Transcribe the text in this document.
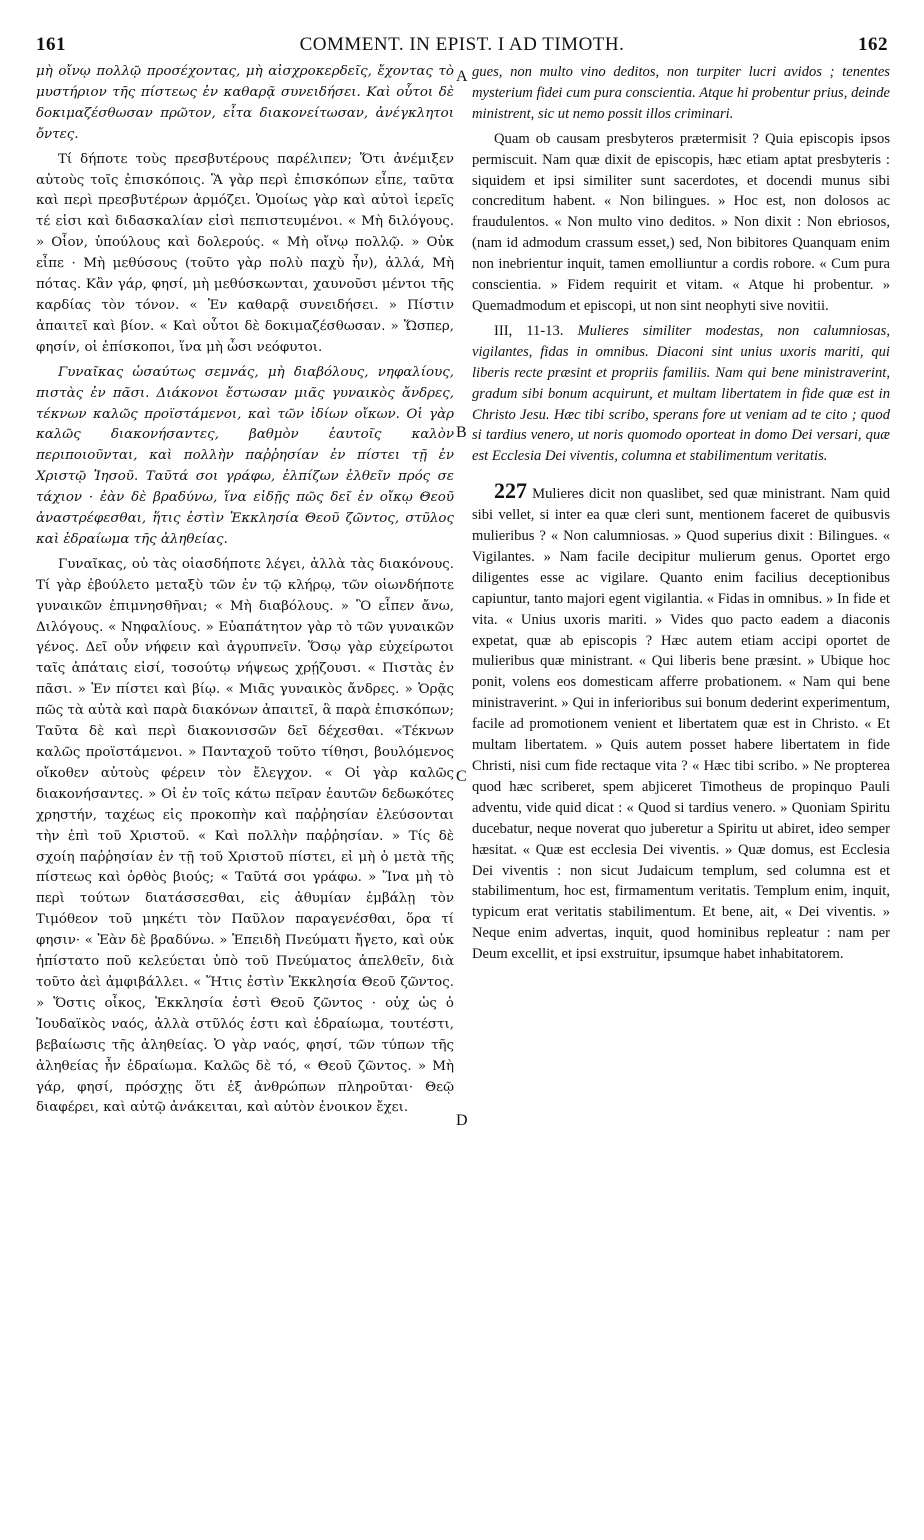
161	COMMENT. IN EPIST. I AD TIMOTH.	162

μὴ οἴνῳ πολλῷ προσέχοντας, μὴ αἰσχροκερδεῖς, ἔχοντας τὸ μυστήριον τῆς πίστεως ἐν καθαρᾷ συνειδήσει. Καὶ οὗτοι δὲ δοκιμαζέσθωσαν πρῶτον, εἶτα διακονείτωσαν, ἀνέγκλητοι ὄντες.

Τί δήποτε τοὺς πρεσβυτέρους παρέλιπεν; Ὅτι ἀνέμιξεν αὐτοὺς τοῖς ἐπισκόποις. Ἃ γὰρ περὶ ἐπισκόπων εἶπε, ταῦτα καὶ περὶ πρεσβυτέρων ἁρμόζει. Ὁμοίως γὰρ καὶ αὐτοὶ ἱερεῖς τέ εἰσι καὶ διδασκαλίαν εἰσὶ πεπιστευμένοι. « Μὴ διλόγους. » Οἷον, ὑπούλους καὶ δολερούς. « Μὴ οἴνῳ πολλῷ. » Οὐκ εἶπε · Μὴ μεθύσους (τοῦτο γὰρ πολὺ παχὺ ἦν), ἀλλά, Μὴ πότας. Κἂν γάρ, φησί, μὴ μεθύσκωνται, χαυνοῦσι μέντοι τῆς καρδίας τὸν τόνον. « Ἐν καθαρᾷ συνειδήσει. » Πίστιν ἀπαιτεῖ καὶ βίον. « Καὶ οὗτοι δὲ δοκιμαζέσθωσαν. » Ὥσπερ, φησίν, οἱ ἐπίσκοποι, ἵνα μὴ ὦσι νεόφυτοι.

Γυναῖκας ὡσαύτως σεμνάς, μὴ διαβόλους, νηφαλίους, πιστὰς ἐν πᾶσι. Διάκονοι ἔστωσαν μιᾶς γυναικὸς ἄνδρες, τέκνων καλῶς προϊστάμενοι, καὶ τῶν ἰδίων οἴκων. Οἱ γὰρ καλῶς διακονήσαντες, βαθμὸν ἑαυτοῖς καλὸν περιποιοῦνται, καὶ πολλὴν παῤῥησίαν ἐν πίστει τῇ ἐν Χριστῷ Ἰησοῦ. Ταῦτά σοι γράφω, ἐλπίζων ἐλθεῖν πρός σε τάχιον · ἐὰν δὲ βραδύνω, ἵνα εἰδῇς πῶς δεῖ ἐν οἴκῳ Θεοῦ ἀναστρέφεσθαι, ἥτις ἐστὶν Ἐκκλησία Θεοῦ ζῶντος, στῦλος καὶ ἑδραίωμα τῆς ἀληθείας.

Γυναῖκας, οὐ τὰς οἱασδήποτε λέγει, ἀλλὰ τὰς διακόνους. Τί γὰρ ἐβούλετο μεταξὺ τῶν ἐν τῷ κλήρῳ, τῶν οἱωνδήποτε γυναικῶν ἐπιμνησθῆναι; « Μὴ διαβόλους. » Ὃ εἶπεν ἄνω, Διλόγους. « Νηφαλίους. » Εὐαπάτητον γὰρ τὸ τῶν γυναικῶν γένος. Δεῖ οὖν νήφειν καὶ ἀγρυπνεῖν. Ὅσῳ γὰρ εὐχείρωτοι ταῖς ἀπάταις εἰσί, τοσούτῳ νήψεως χρῄζουσι. « Πιστὰς ἐν πᾶσι. » Ἐν πίστει καὶ βίῳ. « Μιᾶς γυναικὸς ἄνδρες. » Ὁρᾷς πῶς τὰ αὐτὰ καὶ παρὰ διακόνων ἀπαιτεῖ, ἃ παρὰ ἐπισκόπων; Ταῦτα δὲ καὶ περὶ διακονισσῶν δεῖ δέχεσθαι. «Τέκνων καλῶς προϊστάμενοι. » Πανταχοῦ τοῦτο τίθησι, βουλόμενος οἴκοθεν αὐτοὺς φέρειν τὸν ἔλεγχον. « Οἱ γὰρ καλῶς διακονήσαντες. » Οἱ ἐν τοῖς κάτω πεῖραν ἑαυτῶν δεδωκότες χρηστήν, ταχέως εἰς προκοπὴν καὶ παῤῥησίαν ἐλεύσονται τὴν ἐπὶ τοῦ Χριστοῦ. « Καὶ πολλὴν παῤῥησίαν. » Τίς δὲ σχοίη παῤῥησίαν ἐν τῇ τοῦ Χριστοῦ πίστει, εἰ μὴ ὁ μετὰ τῆς πίστεως καὶ ὀρθὸς βιούς; « Ταῦτά σοι γράφω. » Ἵνα μὴ τὸ περὶ τούτων διατάσσεσθαι, εἰς ἀθυμίαν ἐμβάλῃ τὸν Τιμόθεον τοῦ μηκέτι τὸν Παῦλον παραγενέσθαι, ὅρα τί φησιν· « Ἐὰν δὲ βραδύνω. » Ἐπειδὴ Πνεύματι ἤγετο, καὶ οὐκ ἠπίστατο ποῦ κελεύεται ὑπὸ τοῦ Πνεύματος ἀπελθεῖν, διὰ τοῦτο ἀεὶ ἀμφιβάλλει. « Ἥτις ἐστὶν Ἐκκλησία Θεοῦ ζῶντος. » Ὅστις οἶκος, Ἐκκλησία ἐστὶ Θεοῦ ζῶντος · οὐχ ὡς ὁ Ἰουδαϊκὸς ναός, ἀλλὰ στῦλός ἐστι καὶ ἑδραίωμα, τουτέστι, βεβαίωσις τῆς ἀληθείας. Ὁ γὰρ ναός, φησί, τῶν τύπων τῆς ἀληθείας ἦν ἑδραίωμα. Καλῶς δὲ τό, « Θεοῦ ζῶντος. » Μὴ γάρ, φησί, πρόσχῃς ὅτι ἐξ ἀνθρώπων πληροῦται· Θεῷ διαφέρει, καὶ αὐτῷ ἀνάκειται, καὶ αὐτὸν ἐνοικον ἔχει.

gues, non multo vino deditos, non turpiter lucri avidos ; tenentes mysterium fidei cum pura conscientia. Atque hi probentur prius, deinde ministrent, sic ut nemo possit illos criminari.

Quam ob causam presbyteros prætermisit ? Quia episcopis ipsos permiscuit. Nam quæ dixit de episcopis, hæc etiam aptat presbyteris : siquidem et ipsi similiter sunt sacerdotes, et docendi munus sibi concreditum habent. « Non bilingues. » Hoc est, non dolosos ac fraudulentos. « Non multo vino deditos. » Non dixit : Non ebriosos, (nam id admodum crassum esset,) sed, Non bibitores Quanquam enim non inebrientur inquit, tamen emolliuntur a cordis robore. « Cum pura conscientia. » Fidem requirit et vitam. « Atque hi probentur. » Quemadmodum et episcopi, ut non sint neophyti sive novitii.

III, 11-13. Mulieres similiter modestas, non calumniosas, vigilantes, fidas in omnibus. Diaconi sint unius uxoris mariti, qui liberis recte præsint et propriis familiis. Nam qui bene ministraverint, gradum sibi bonum acquirunt, et multam libertatem in fide quæ est in Christo Jesu. Hæc tibi scribo, sperans fore ut veniam ad te cito ; quod si tardius venero, ut noris quomodo oporteat in domo Dei versari, quæ est Ecclesia Dei viventis, columna et stabilimentum veritatis.

227 Mulieres dicit non quaslibet, sed quæ ministrant. Nam quid sibi vellet, si inter ea quæ cleri sunt, mentionem faceret de quibusvis mulieribus ? « Non calumniosas. » Quod superius dixit : Bilingues. « Vigilantes. » Nam facile decipitur mulierum genus. Oportet ergo diligentes esse ac vigilare. Quanto enim facilius deceptionibus capiuntur, tanto majori egent vigilantia. « Fidas in omnibus. » In fide et vita. « Unius uxoris mariti. » Vides quo pacto eadem a diaconis expetat, quæ ab episcopis ? Hæc autem etiam accipi oportet de mulieribus quæ ministrant. « Qui liberis bene præsint. » Ubique hoc ponit, volens eos domesticam afferre probationem. « Nam qui bene ministraverint. » Qui in inferioribus sui bonum dederint experimentum, facile ad promotionem venient et libertatem quæ est in Christo. « Et multam libertatem. » Quis autem posset habere libertatem in fide Christi, nisi cum fide rectaque vita ? « Hæc tibi scribo. » Ne propterea quod hæc scriberet, spem abjiceret Timotheus de propinquo Pauli adventu, vide quid dicat : « Quod si tardius venero. » Quoniam Spiritu ducebatur, neque noverat quo juberetur a Spiritu ut abiret, ideo semper hæsitat. « Quæ est ecclesia Dei viventis. » Quæ domus, est Ecclesia Dei viventis : non sicut Judaicum templum, sed columna est et stabilimentum, hoc est, firmamentum veritatis. Templum enim, inquit, typicum erat veritatis stabilimentum. Et bene, ait, « Dei viventis. » Neque enim advertas, inquit, quod hominibus repleatur : nam per Deum excellit, et ipsi exstruitur, ipsumque habet inhabitatorem.

A
B
C
D
